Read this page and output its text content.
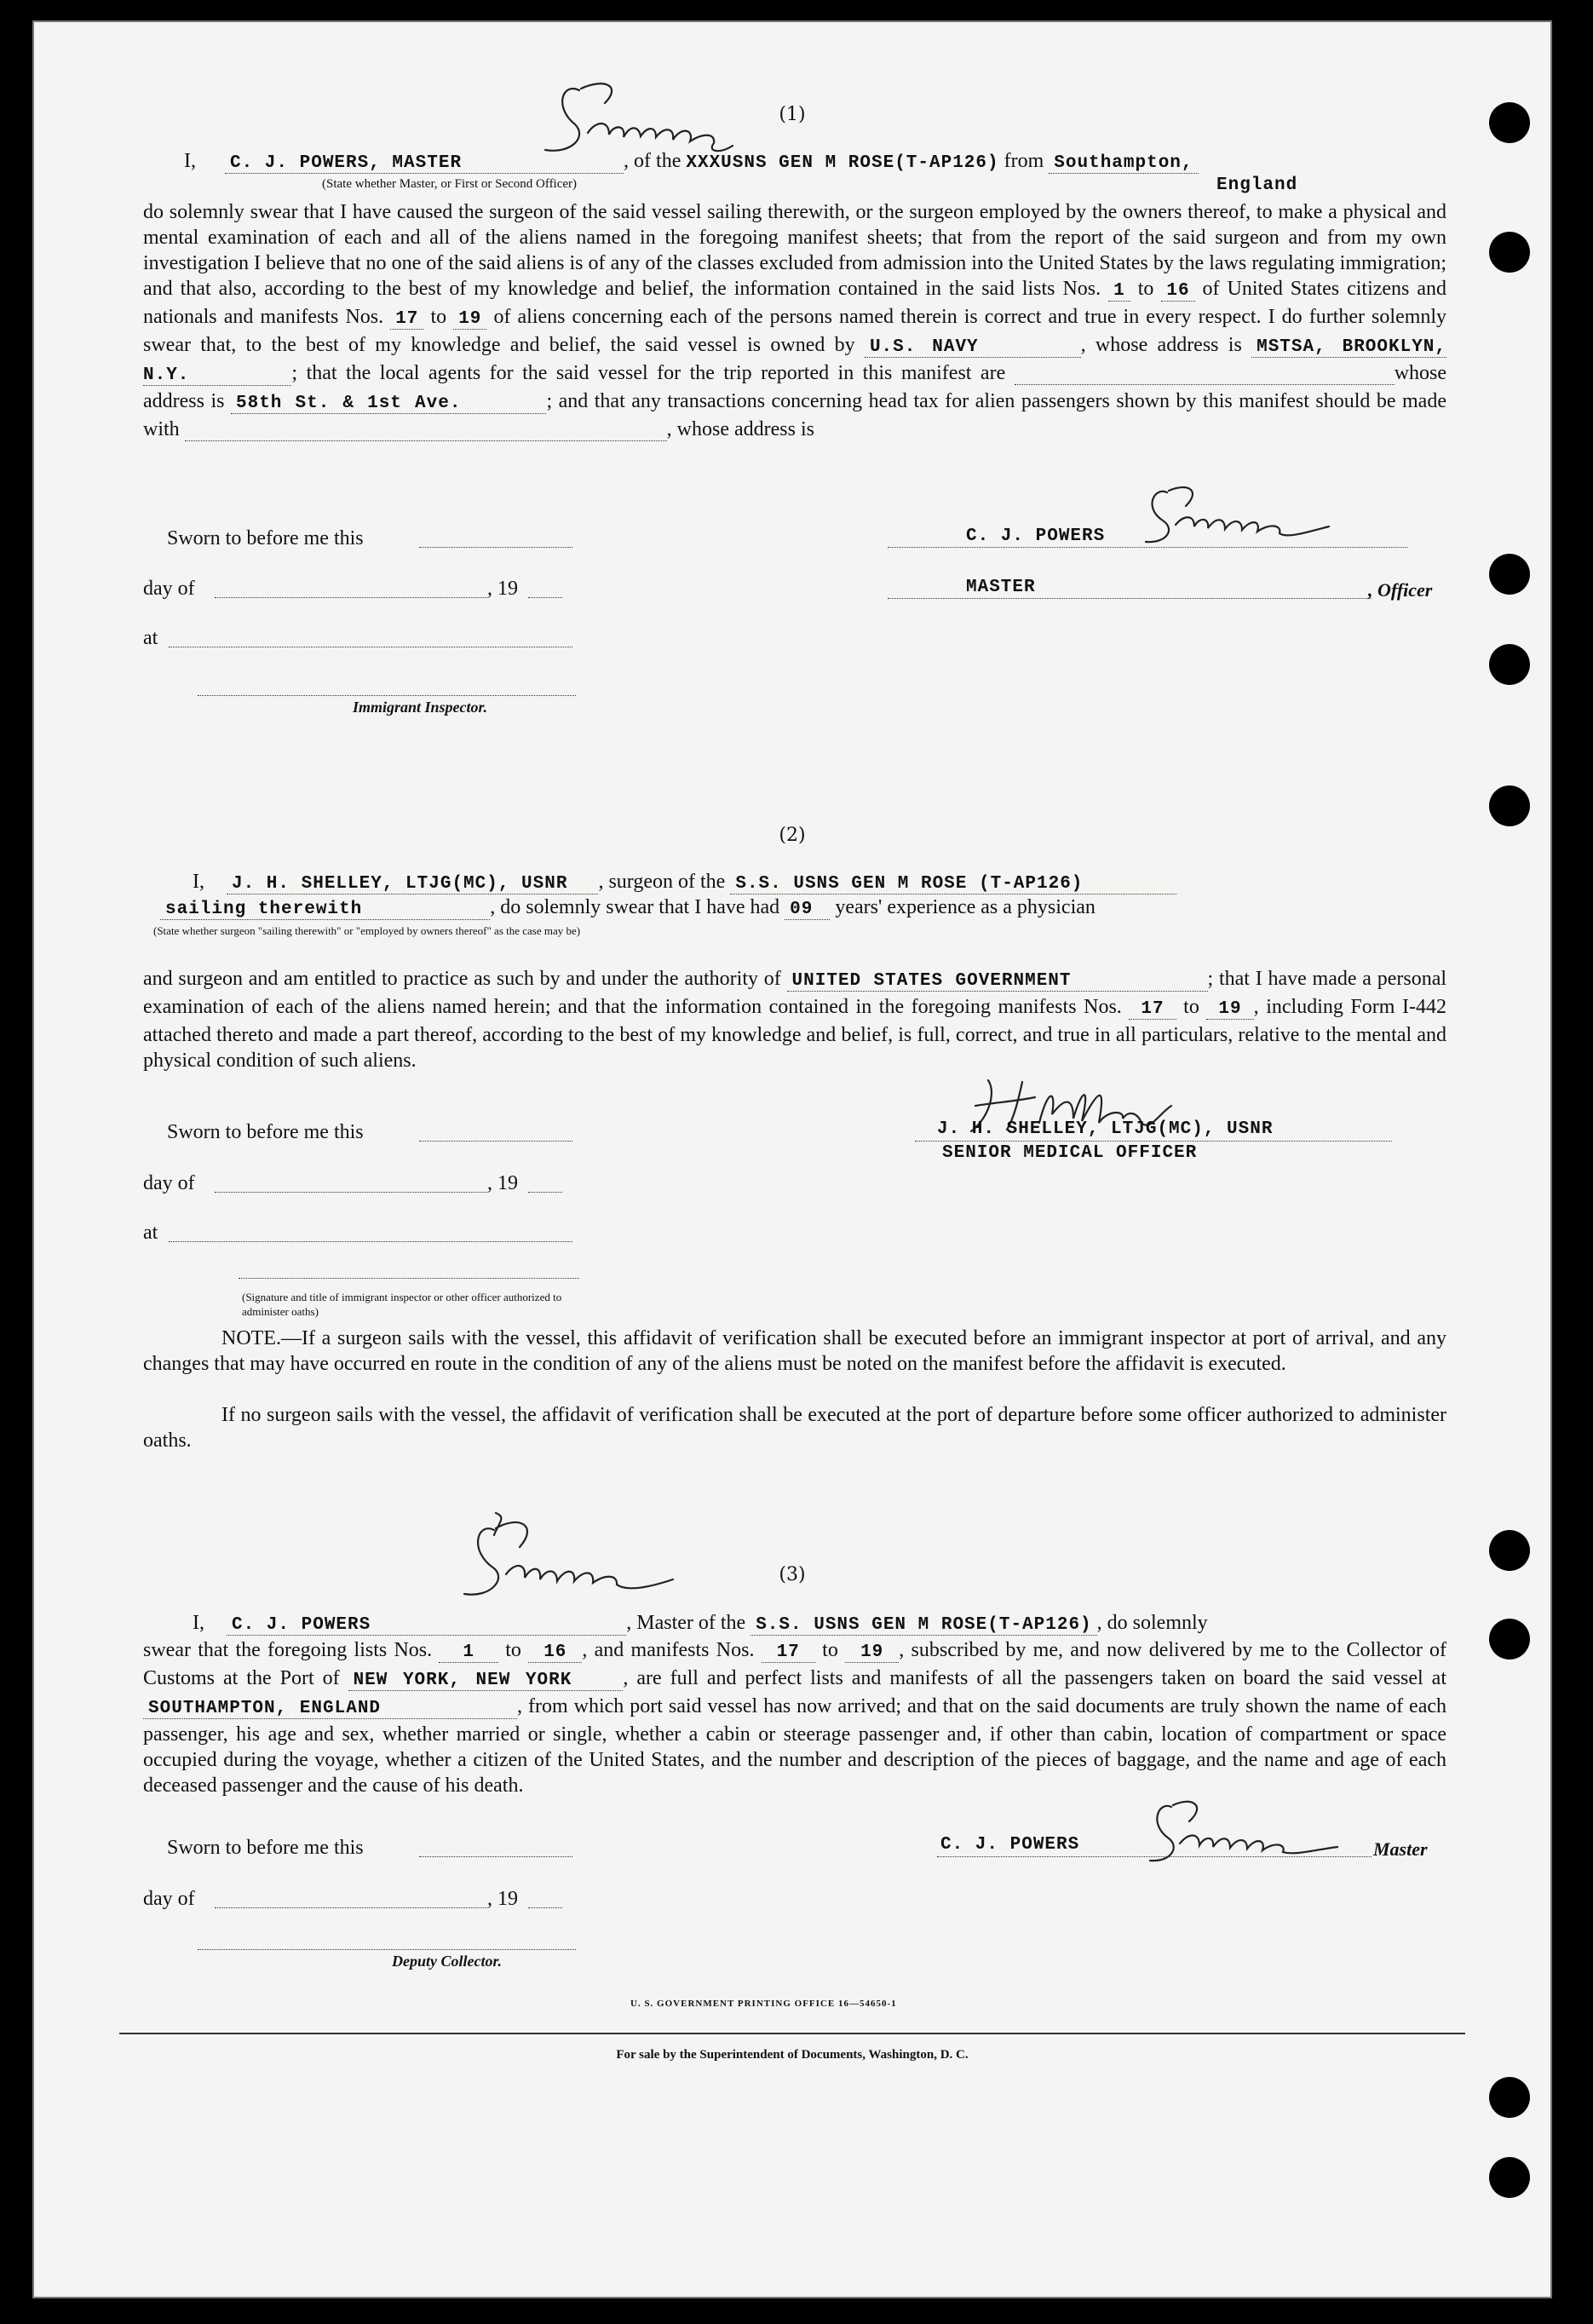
(1)
I, C. J. POWERS, MASTER	, of the XXXUSNS GEN M ROSE(T-AP126) from Southampton,
(State whether Master, or First or Second Officer)	England
do solemnly swear that I have caused the surgeon of the said vessel sailing therewith, or the surgeon employed by the owners thereof, to make a physical and mental examination of each and all of the aliens named in the foregoing manifest sheets; that from the report of the said surgeon and from my own investigation I believe that no one of the said aliens is of any of the classes excluded from admission into the United States by the laws regulating immigration; and that also, according to the best of my knowledge and belief, the information contained in the said lists Nos. 1 to 16 of United States citizens and nationals and manifests Nos. 17 to 19 of aliens concerning each of the persons named therein is correct and true in every respect. I do further solemnly swear that, to the best of my knowledge and belief, the said vessel is owned by U.S. NAVY	, whose address is MSTSA, BROOKLYN, N.Y.	; that the local agents for the said vessel for the trip reported in this manifest are	whose address is 58th St. & 1st Ave.	; and that any transactions concerning head tax for alien passengers shown by this manifest should be made with	, whose address is
Sworn to before me this
day of	, 19
at
Immigrant Inspector.
C. J. POWERS
MASTER	, Officer
(2)
I, J. H. SHELLEY, LTJG(MC), USNR , surgeon of the S.S. USNS GEN M ROSE (T-AP126)
sailing therewith	, do solemnly swear that I have had 09 years' experience as a physician
(State whether surgeon "sailing therewith" or "employed by owners thereof" as the case may be)
and surgeon and am entitled to practice as such by and under the authority of UNITED STATES GOVERNMENT	; that I have made a personal examination of each of the aliens named herein; and that the information contained in the foregoing manifests Nos. 17 to 19 , including Form I-442 attached thereto and made a part thereof, according to the best of my knowledge and belief, is full, correct, and true in all particulars, relative to the mental and physical condition of such aliens.
Sworn to before me this
day of	, 19
at
(Signature and title of immigrant inspector or other officer authorized to administer oaths)
J. H. SHELLEY, LTJG(MC), USNR
SENIOR MEDICAL OFFICER
NOTE.—If a surgeon sails with the vessel, this affidavit of verification shall be executed before an immigrant inspector at port of arrival, and any changes that may have occurred en route in the condition of any of the aliens must be noted on the manifest before the affidavit is executed.
If no surgeon sails with the vessel, the affidavit of verification shall be executed at the port of departure before some officer authorized to administer oaths.
(3)
I, C. J. POWERS	, Master of the S.S. USNS GEN M ROSE(T-AP126) , do solemnly
swear that the foregoing lists Nos. 1 to 16 , and manifests Nos. 17 to 19 , subscribed by me, and now delivered by me to the Collector of Customs at the Port of NEW YORK, NEW YORK	, are full and perfect lists and manifests of all the passengers taken on board the said vessel at SOUTHAMPTON, ENGLAND	, from which port said vessel has now arrived; and that on the said documents are truly shown the name of each passenger, his age and sex, whether married or single, whether a cabin or steerage passenger and, if other than cabin, location of compartment or space occupied during the voyage, whether a citizen of the United States, and the number and description of the pieces of baggage, and the name and age of each deceased passenger and the cause of his death.
Sworn to before me this
day of	, 19
Deputy Collector.
C. J. POWERS	Master
U. S. GOVERNMENT PRINTING OFFICE 16—54650-1
For sale by the Superintendent of Documents, Washington, D. C.
